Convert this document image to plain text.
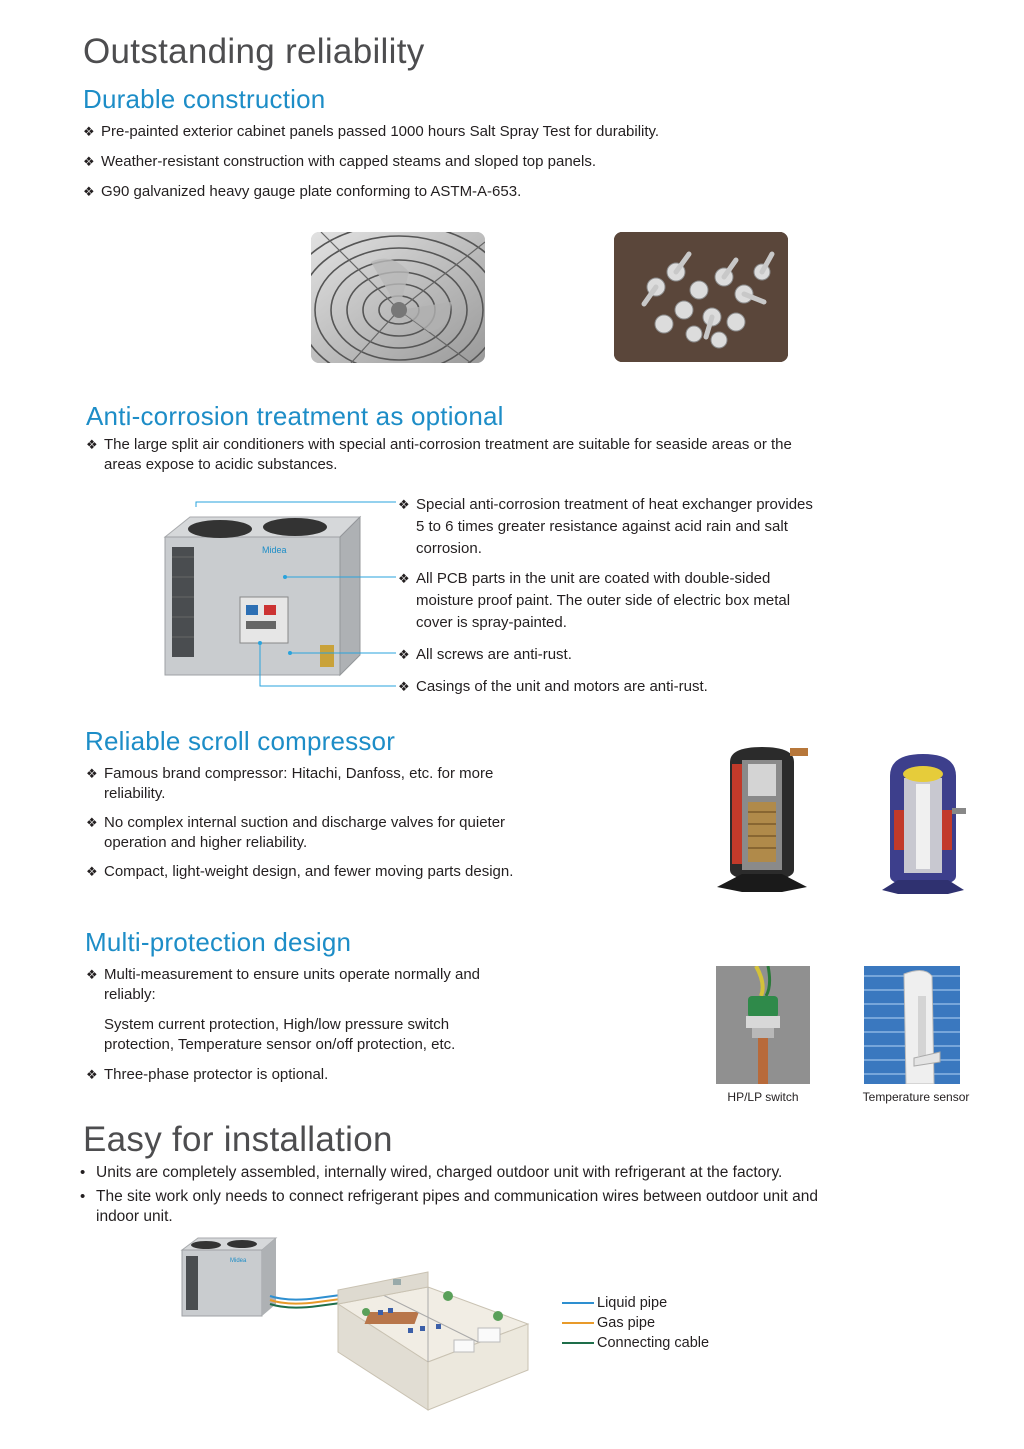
Outstanding reliability
Durable construction
❖ Pre-painted exterior cabinet panels passed 1000 hours Salt Spray Test for durability.
❖ Weather-resistant construction with capped steams and sloped top panels.
❖ G90 galvanized heavy gauge plate conforming to ASTM-A-653.
Anti-corrosion treatment as optional
❖ The large split air conditioners with special anti-corrosion treatment are suitable for seaside areas or the
areas expose to acidic substances.
Midea
❖ Special anti-corrosion treatment of heat exchanger provides
5 to 6 times greater resistance against acid rain and salt
corrosion.
❖ All PCB parts in the unit are coated with double-sided
moisture proof paint. The outer side of electric box metal
cover is spray-painted.
❖ All screws are anti-rust.
❖ Casings of the unit and motors are anti-rust.
Reliable scroll compressor
❖ Famous brand compressor: Hitachi, Danfoss, etc. for more
reliability.
❖ No complex internal suction and discharge valves for quieter
operation and higher reliability.
❖ Compact, light-weight design, and fewer moving parts design.
Multi-protection design
❖ Multi-measurement to ensure units operate normally and
reliably:
System current protection, High/low pressure switch
protection, Temperature sensor on/off protection, etc.
❖ Three-phase protector is optional.
HP/LP switch	Temperature sensor
Easy for installation
• Units are completely assembled, internally wired, charged outdoor unit with refrigerant at the factory.
• The site work only needs to connect refrigerant pipes and communication wires between outdoor unit and
indoor unit.
Midea
Liquid pipe
Gas pipe
Connecting cable
